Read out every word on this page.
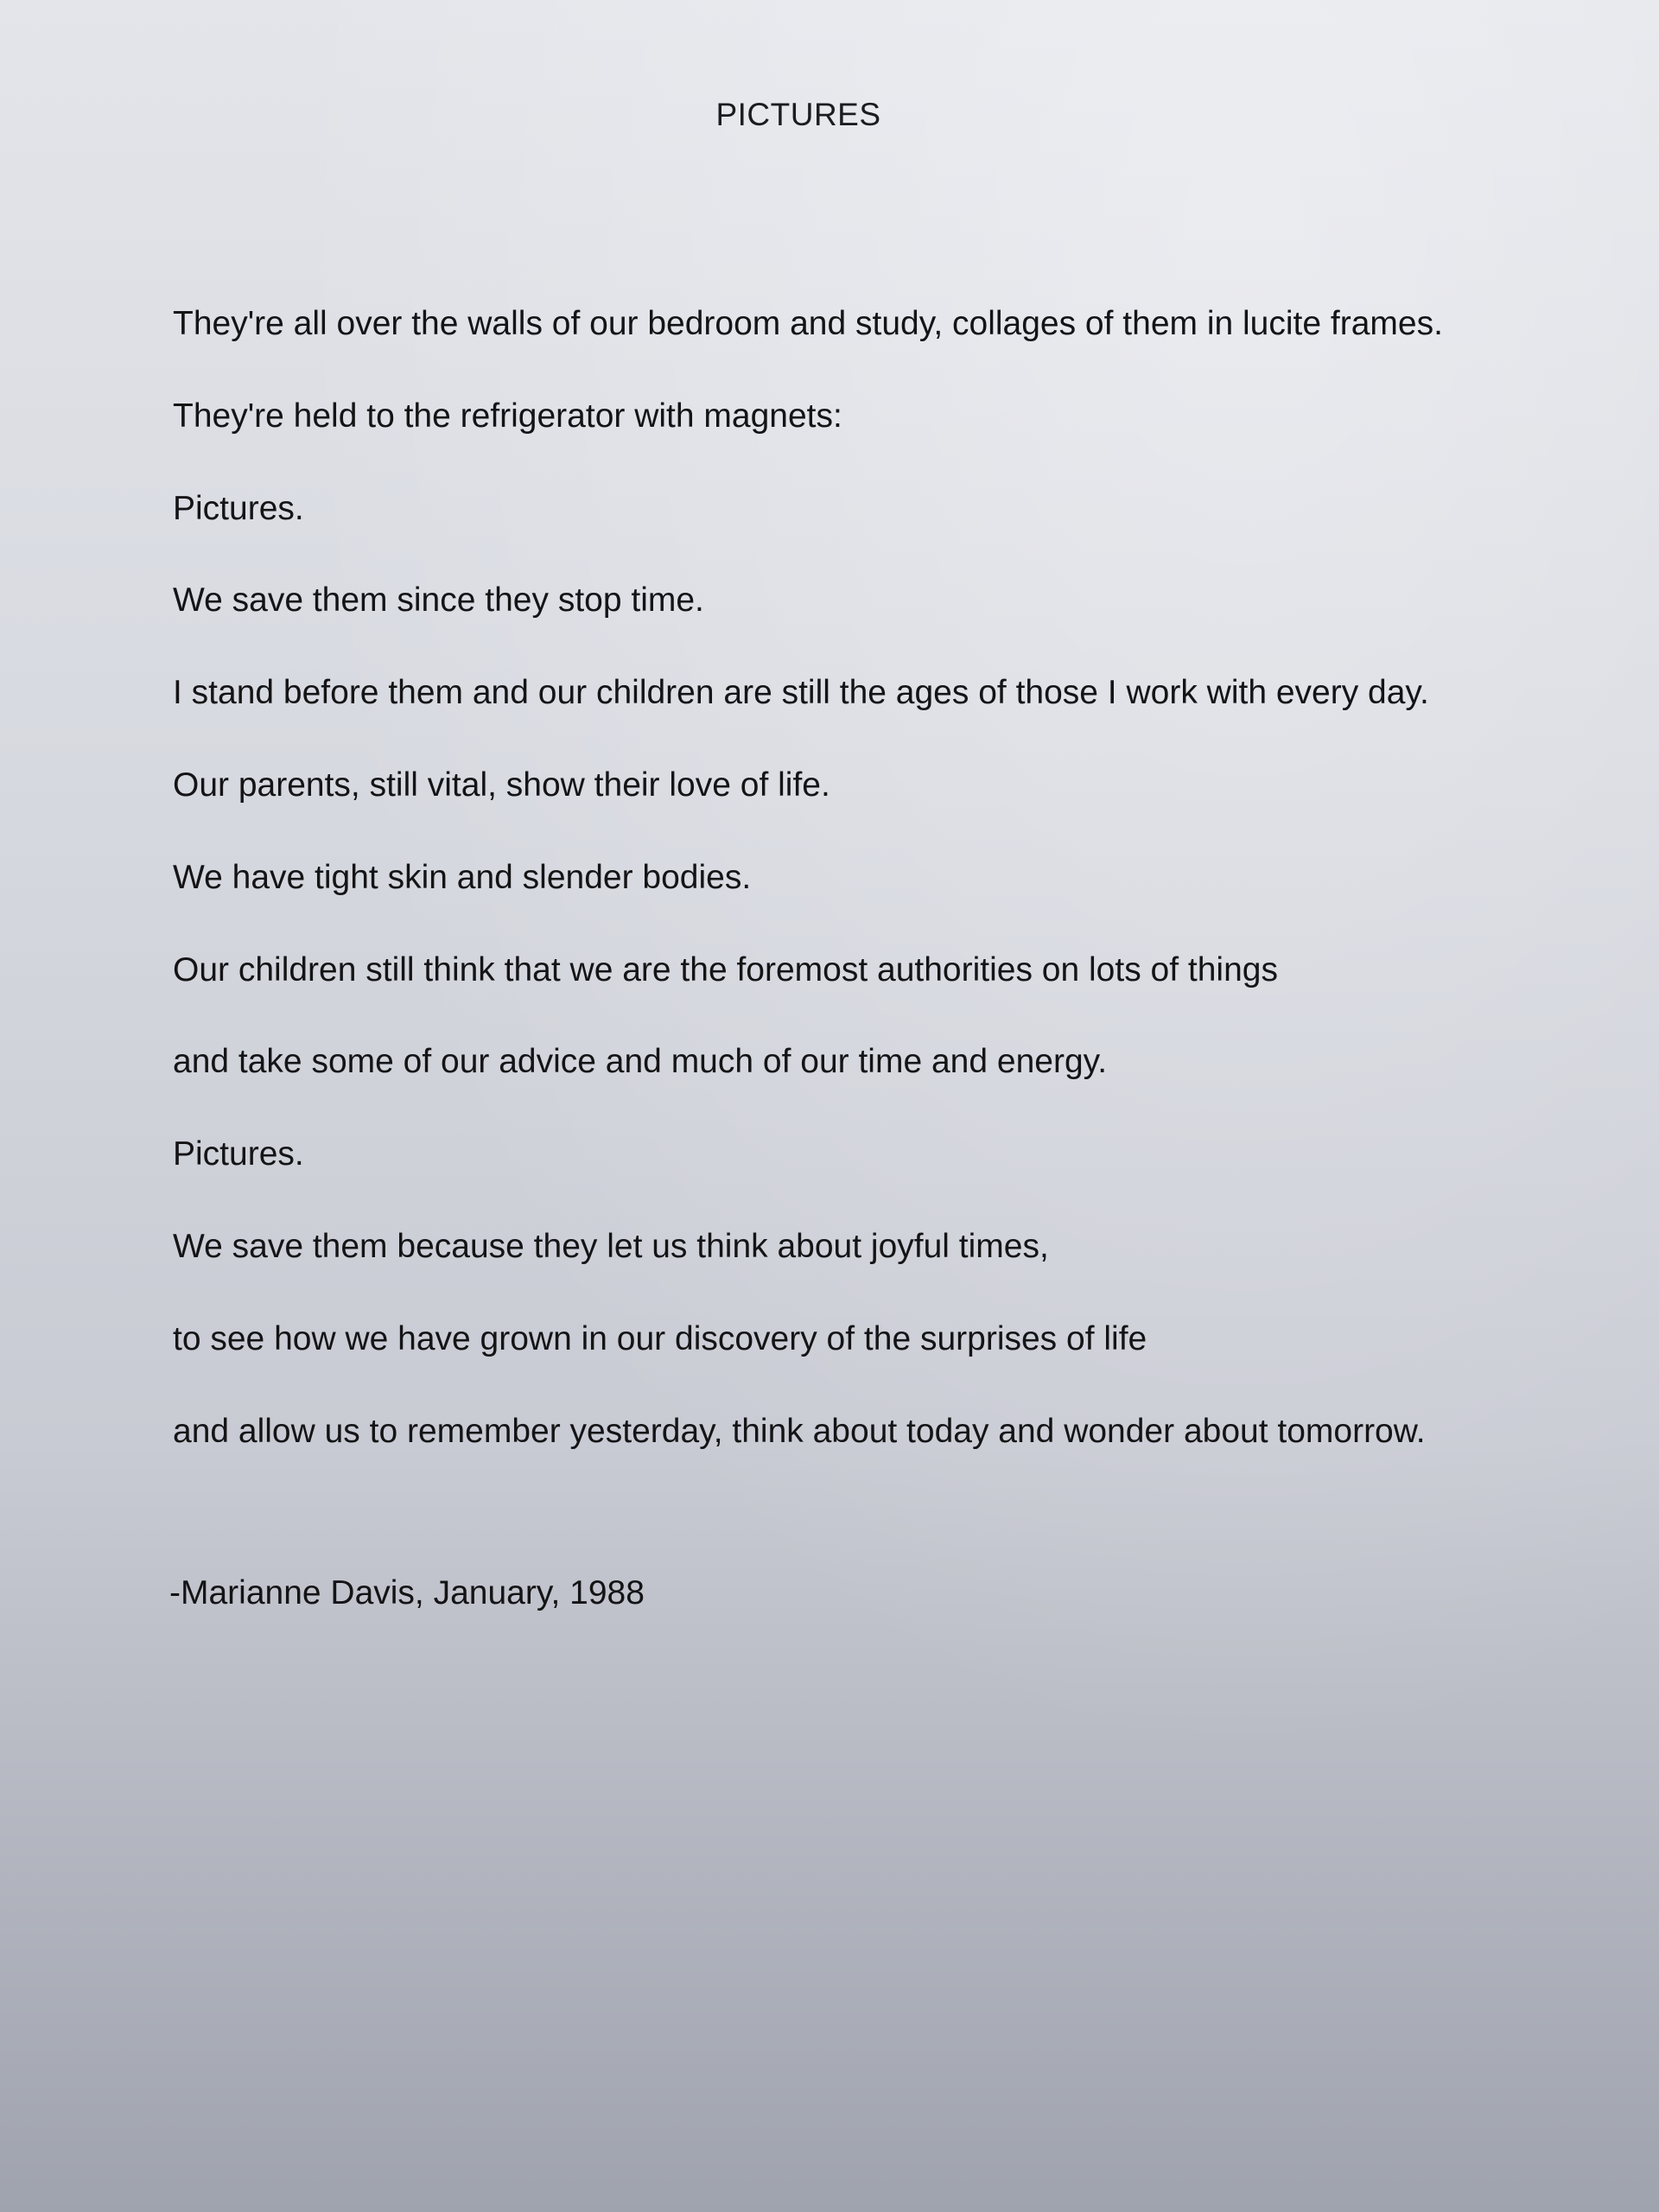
PICTURES

They're all over the walls of our bedroom and study, collages of them in lucite frames.

They're held to the refrigerator with magnets:

Pictures.

We save them since they stop time.

I stand before them and our children are still the ages of those I work with every day.

Our parents, still vital, show their love of life.

We have tight skin and slender bodies.

Our children still think that we are the foremost authorities on lots of things

and take some of our advice and much of our time and energy.

Pictures.

We save them because they let us think about joyful times,

to see how we have grown in our discovery of the surprises of life

and allow us to remember yesterday, think about today and wonder about tomorrow.

-Marianne Davis, January, 1988
